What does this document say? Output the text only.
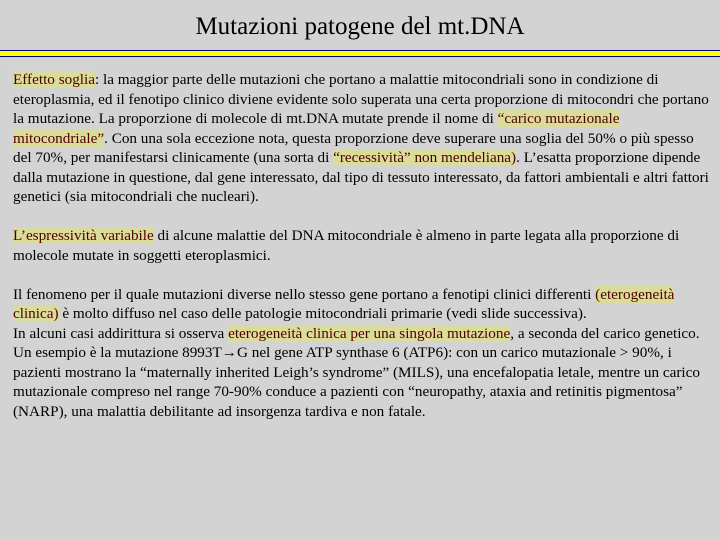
Mutazioni patogene del mt.DNA

Effetto soglia: la maggior parte delle mutazioni che portano a malattie mitocondriali sono in condizione di eteroplasmia, ed il fenotipo clinico diviene evidente solo superata una certa proporzione di mitocondri che portano la mutazione. La proporzione di molecole di mt.DNA mutate prende il nome di “carico mutazionale mitocondriale”. Con una sola eccezione nota, questa proporzione deve superare una soglia del 50% o più spesso del 70%, per manifestarsi clinicamente (una sorta di “recessività” non mendeliana). L’esatta proporzione dipende dalla mutazione in questione, dal gene interessato, dal tipo di tessuto interessato, da fattori ambientali e altri fattori genetici (sia mitocondriali che nucleari).

L’espressività variabile di alcune malattie del DNA mitocondriale è almeno in parte legata alla proporzione di molecole mutate in soggetti eteroplasmici.

Il fenomeno per il quale mutazioni diverse nello stesso gene portano a fenotipi clinici differenti (eterogeneità clinica) è molto diffuso nel caso delle patologie mitocondriali primarie (vedi slide successiva).

In alcuni casi addirittura si osserva eterogeneità clinica per una singola mutazione, a seconda del carico genetico. Un esempio è la mutazione 8993T→G nel gene ATP synthase 6 (ATP6): con un carico mutazionale > 90%, i pazienti mostrano la “maternally inherited Leigh’s syndrome” (MILS), una encefalopatia letale, mentre un carico mutazionale compreso nel range 70-90% conduce a pazienti con “neuropathy, ataxia and retinitis pigmentosa” (NARP), una malattia debilitante ad insorgenza tardiva e non fatale.
